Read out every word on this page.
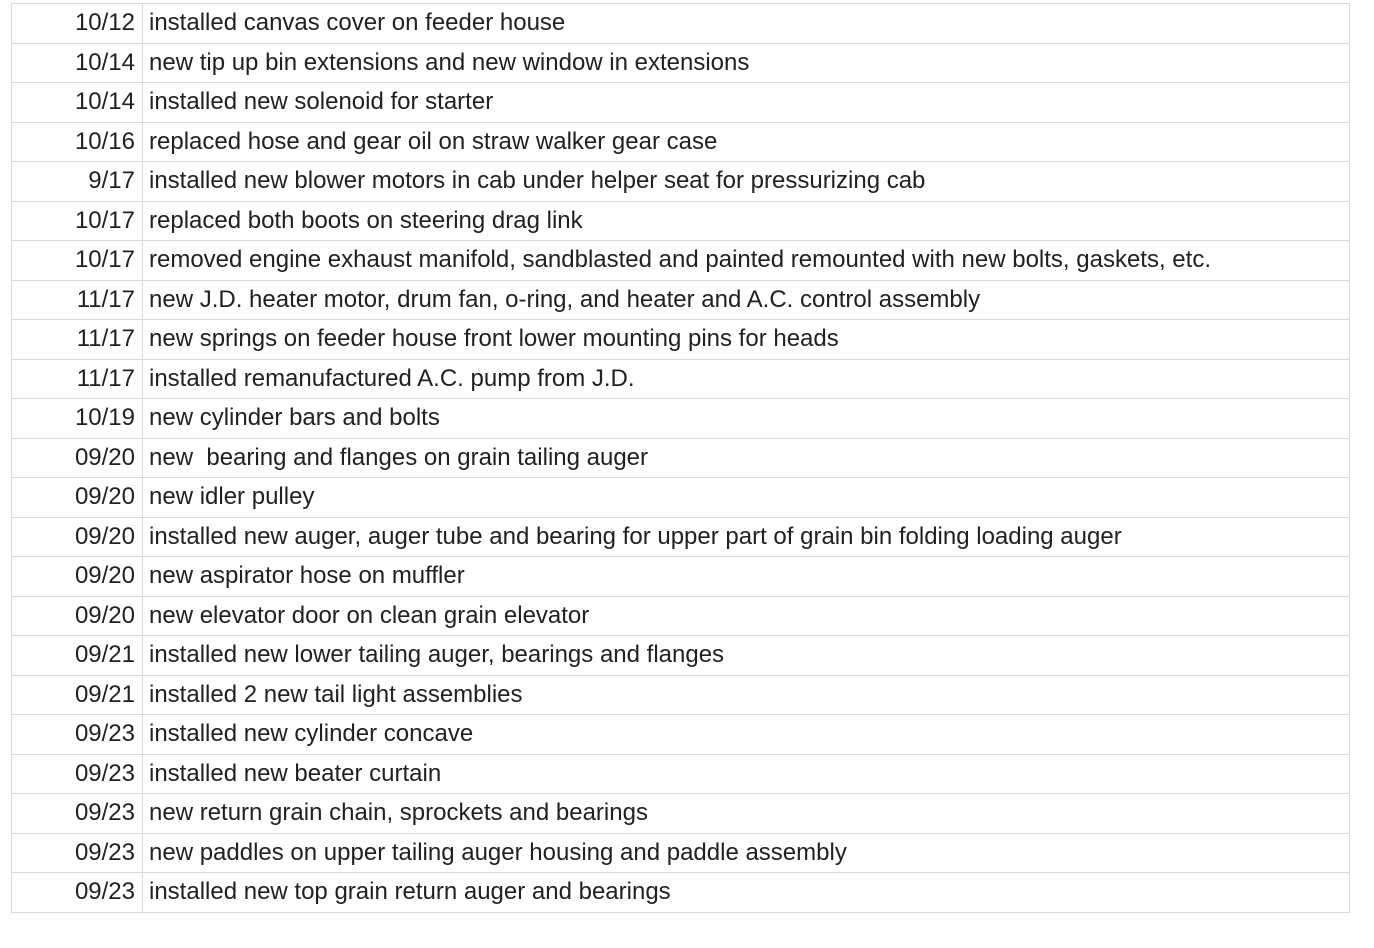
10/12	installed canvas cover on feeder house
10/14	new tip up bin extensions and new window in extensions
10/14	installed new solenoid for starter
10/16	replaced hose and gear oil on straw walker gear case
9/17	installed new blower motors in cab under helper seat for pressurizing cab
10/17	replaced both boots on steering drag link
10/17	removed engine exhaust manifold, sandblasted and painted remounted with new bolts, gaskets, etc.
11/17	new J.D. heater motor, drum fan, o-ring, and heater and A.C. control assembly
11/17	new springs on feeder house front lower mounting pins for heads
11/17	installed remanufactured A.C. pump from J.D.
10/19	new cylinder bars and bolts
09/20	new  bearing and flanges on grain tailing auger
09/20	new idler pulley
09/20	installed new auger, auger tube and bearing for upper part of grain bin folding loading auger
09/20	new aspirator hose on muffler
09/20	new elevator door on clean grain elevator
09/21	installed new lower tailing auger, bearings and flanges
09/21	installed 2 new tail light assemblies
09/23	installed new cylinder concave
09/23	installed new beater curtain
09/23	new return grain chain, sprockets and bearings
09/23	new paddles on upper tailing auger housing and paddle assembly
09/23	installed new top grain return auger and bearings
